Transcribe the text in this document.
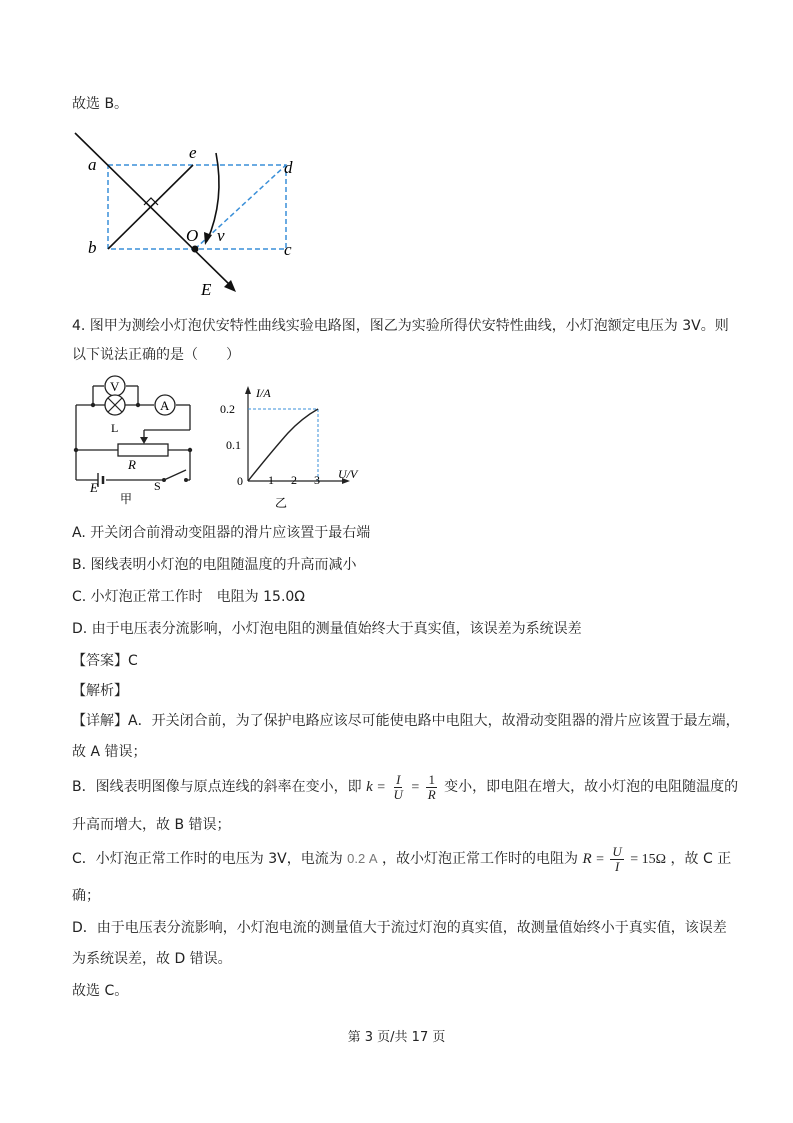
故选 B。
a
e
d
b
O v
c
E
4. 图甲为测绘小灯泡伏安特性曲线实验电路图，图乙为实验所得伏安特性曲线，小灯泡额定电压为 3V。则
以下说法正确的是（　　）
V
L
A
R
E	S
甲
I/A
0.2
0.1
0 1 2 3 U/V
乙
A. 开关闭合前滑动变阻器的滑片应该置于最右端
B. 图线表明小灯泡的电阻随温度的升高而减小
C. 小灯泡正常工作时　电阻为 15.0Ω
D. 由于电压表分流影响，小灯泡电阻的测量值始终大于真实值，该误差为系统误差
【答案】C
【解析】
【详解】A．开关闭合前，为了保护电路应该尽可能使电路中电阻大，故滑动变阻器的滑片应该置于最左端，
故 A 错误；
B．图线表明图像与原点连线的斜率在变小，即 $k = \frac{I}{U} = \frac{1}{R}$ 变小，即电阻在增大，故小灯泡的电阻随温度的
升高而增大，故 B 错误；
C．小灯泡正常工作时的电压为 3V，电流为 0.2 A ，故小灯泡正常工作时的电阻为 $R = \frac{U}{I} = 15\Omega$ ，故 C 正
确；
D．由于电压表分流影响，小灯泡电流的测量值大于流过灯泡的真实值，故测量值始终小于真实值，该误差
为系统误差，故 D 错误。
故选 C。
第 3 页/共 17 页
